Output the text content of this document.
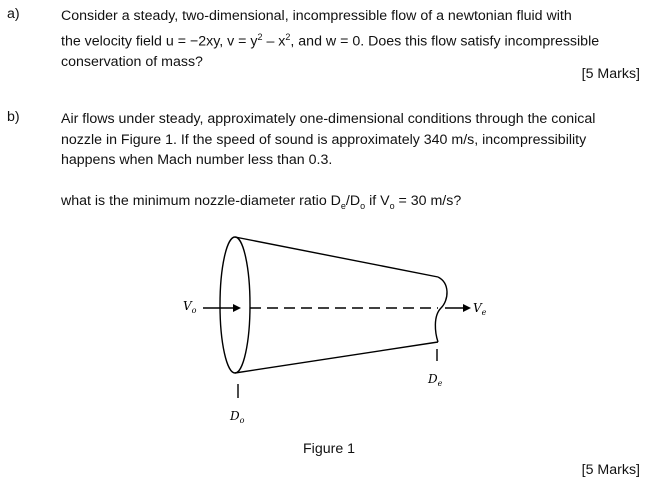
a)	Consider a steady, two-dimensional, incompressible flow of a newtonian fluid with
the velocity field u = −2xy, $v = y^2 - x^2$, and w = 0. Does this flow satisfy incompressible
conservation of mass?
[5 Marks]
b)	Air flows under steady, approximately one-dimensional conditions through the conical
nozzle in Figure 1. If the speed of sound is approximately 340 m/s, incompressibility
happens when Mach number less than 0.3.
what is the minimum nozzle-diameter ratio $D_e/D_o$ if $V_o = 30$ m/s?
$V_o$	$V_e$
$D_o$
$D_e$
Figure 1
[5 Marks]
